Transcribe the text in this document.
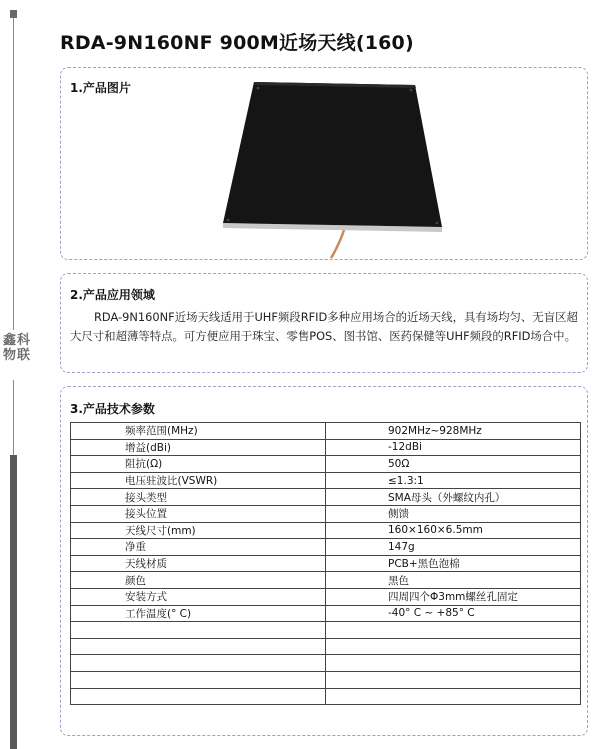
鑫科
物联
RDA-9N160NF 900M近场天线(160)
1.产品图片
2.产品应用领域
RDA-9N160NF近场天线适用于UHF频段RFID多种应用场合的近场天线，具有场均匀、无盲区超大尺寸和超薄等特点。可方便应用于珠宝、零售POS、图书馆、医药保健等UHF频段的RFID场合中。
3.产品技术参数
频率范围(MHz)	902MHz~928MHz
增益(dBi)	-12dBi
阻抗(Ω)	50Ω
电压驻波比(VSWR)	≤1.3:1
接头类型	SMA母头（外螺纹内孔）
接头位置	侧馈
天线尺寸(mm)	160×160×6.5mm
净重	147g
天线材质	PCB+黑色泡棉
颜色	黑色
安装方式	四周四个Φ3mm螺丝孔固定
工作温度(° C)	-40° C ~ +85° C
